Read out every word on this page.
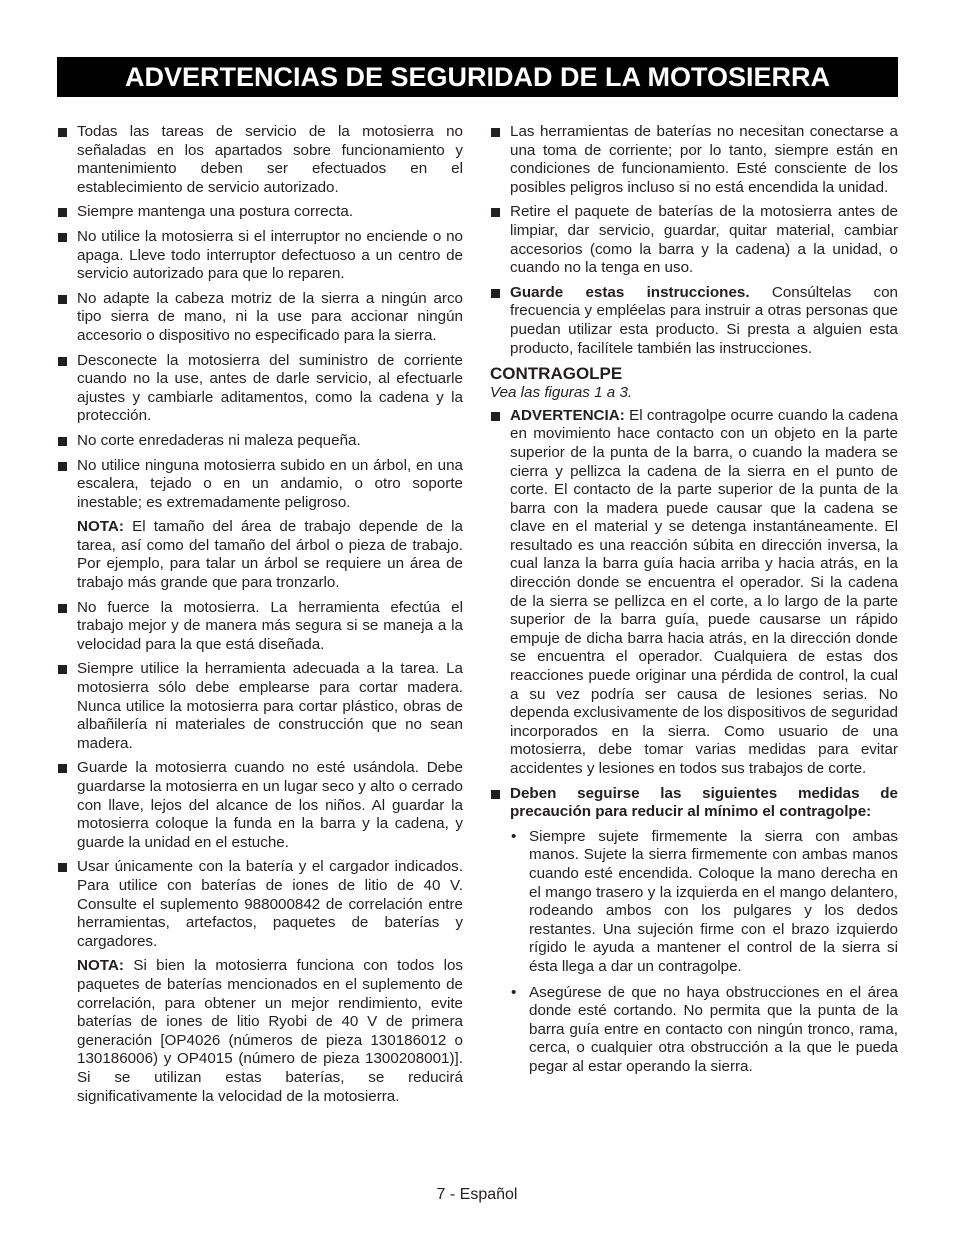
ADVERTENCIAS DE SEGURIDAD DE LA MOTOSIERRA
Todas las tareas de servicio de la motosierra no señaladas en los apartados sobre funcionamiento y mantenimiento deben ser efectuados en el establecimiento de servicio autorizado.
Siempre mantenga una postura correcta.
No utilice la motosierra si el interruptor no enciende o no apaga. Lleve todo interruptor defectuoso a un centro de servicio autorizado para que lo reparen.
No adapte la cabeza motriz de la sierra a ningún arco tipo sierra de mano, ni la use para accionar ningún accesorio o dispositivo no especificado para la sierra.
Desconecte la motosierra del suministro de corriente cuando no la use, antes de darle servicio, al efectuarle ajustes y cambiarle aditamentos, como la cadena y la protección.
No corte enredaderas ni maleza pequeña.
No utilice ninguna motosierra subido en un árbol, en una escalera, tejado o en un andamio, o otro soporte inestable; es extremadamente peligroso.

NOTA: El tamaño del área de trabajo depende de la tarea, así como del tamaño del árbol o pieza de trabajo. Por ejemplo, para talar un árbol se requiere un área de trabajo más grande que para tronzarlo.

No fuerce la motosierra. La herramienta efectúa el trabajo mejor y de manera más segura si se maneja a la velocidad para la que está diseñada.
Siempre utilice la herramienta adecuada a la tarea. La motosierra sólo debe emplearse para cortar madera. Nunca utilice la motosierra para cortar plástico, obras de albañilería ni materiales de construcción que no sean madera.
Guarde la motosierra cuando no esté usándola. Debe guardarse la motosierra en un lugar seco y alto o cerrado con llave, lejos del alcance de los niños. Al guardar la motosierra coloque la funda en la barra y la cadena, y guarde la unidad en el estuche.
Usar únicamente con la batería y el cargador indicados. Para utilice con baterías de iones de litio de 40 V. Consulte el suplemento 988000842 de correlación entre herramientas, artefactos, paquetes de baterías y cargadores.

NOTA: Si bien la motosierra funciona con todos los paquetes de baterías mencionados en el suplemento de correlación, para obtener un mejor rendimiento, evite baterías de iones de litio Ryobi de 40 V de primera generación [OP4026 (números de pieza 130186012 o 130186006) y OP4015 (número de pieza 1300208001)]. Si se utilizan estas baterías, se reducirá significativamente la velocidad de la motosierra.

Las herramientas de baterías no necesitan conectarse a una toma de corriente; por lo tanto, siempre están en condiciones de funcionamiento. Esté consciente de los posibles peligros incluso si no está encendida la unidad.
Retire el paquete de baterías de la motosierra antes de limpiar, dar servicio, guardar, quitar material, cambiar accesorios (como la barra y la cadena) a la unidad, o cuando no la tenga en uso.
Guarde estas instrucciones. Consúltelas con frecuencia y empléelas para instruir a otras personas que puedan utilizar esta producto. Si presta a alguien esta producto, facilítele también las instrucciones.
CONTRAGOLPE
Vea las figuras 1 a 3.
ADVERTENCIA: El contragolpe ocurre cuando la cadena en movimiento hace contacto con un objeto en la parte superior de la punta de la barra, o cuando la madera se cierra y pellizca la cadena de la sierra en el punto de corte. El contacto de la parte superior de la punta de la barra con la madera puede causar que la cadena se clave en el material y se detenga instantáneamente. El resultado es una reacción súbita en dirección inversa, la cual lanza la barra guía hacia arriba y hacia atrás, en la dirección donde se encuentra el operador. Si la cadena de la sierra se pellizca en el corte, a lo largo de la parte superior de la barra guía, puede causarse un rápido empuje de dicha barra hacia atrás, en la dirección donde se encuentra el operador. Cualquiera de estas dos reacciones puede originar una pérdida de control, la cual a su vez podría ser causa de lesiones serias. No dependa exclusivamente de los dispositivos de seguridad incorporados en la sierra. Como usuario de una motosierra, debe tomar varias medidas para evitar accidentes y lesiones en todos sus trabajos de corte.
Deben seguirse las siguientes medidas de precaución para reducir al mínimo el contragolpe:
• Siempre sujete firmemente la sierra con ambas manos. Sujete la sierra firmemente con ambas manos cuando esté encendida. Coloque la mano derecha en el mango trasero y la izquierda en el mango delantero, rodeando ambos con los pulgares y los dedos restantes. Una sujeción firme con el brazo izquierdo rígido le ayuda a mantener el control de la sierra si ésta llega a dar un contragolpe.
• Asegúrese de que no haya obstrucciones en el área donde esté cortando. No permita que la punta de la barra guía entre en contacto con ningún tronco, rama, cerca, o cualquier otra obstrucción a la que le pueda pegar al estar operando la sierra.
7 - Español
